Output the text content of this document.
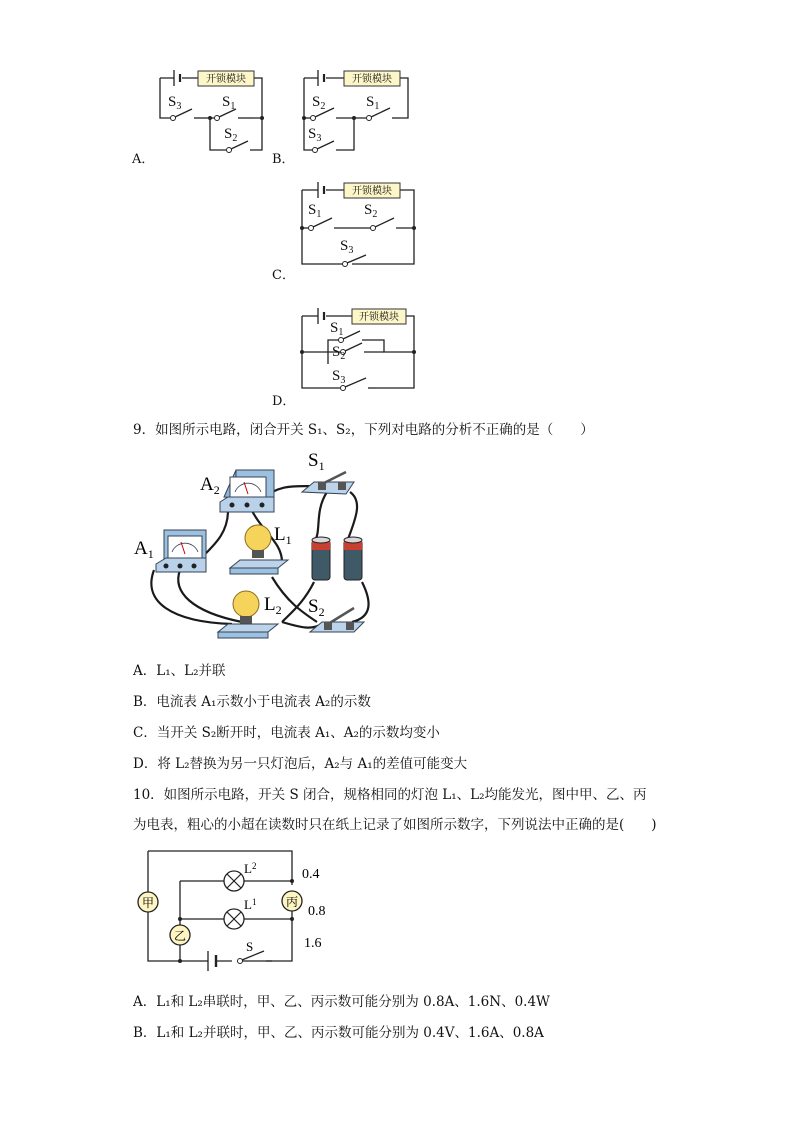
开锁模块
$S_3$	$S_1$
$S_2$
A．
开锁模块
$S_2$	$S_1$
$S_3$
B．
开锁模块
$S_1$	$S_2$
$S_3$
C．
开锁模块
$S_1$
$S_2$
$S_3$
D．
9．如图所示电路，闭合开关 S₁、S₂，下列对电路的分析不正确的是（　　）
$A_2$
$A_1$
$S_1$
$S_2$
$L_1$
$L_2$
A．L₁、L₂并联
B．电流表 A₁示数小于电流表 A₂的示数
C．当开关 S₂断开时，电流表 A₁、A₂的示数均变小
D．将 L₂替换为另一只灯泡后，A₂与 A₁的差值可能变大
10．如图所示电路，开关 S 闭合，规格相同的灯泡 L₁、L₂均能发光，图中甲、乙、丙
为电表，粗心的小超在读数时只在纸上记录了如图所示数字，下列说法中正确的是(　　)
甲
乙
丙
$L^2$
$L^1$
S
0.4
0.8
1.6
A．L₁和 L₂串联时，甲、乙、丙示数可能分别为 0.8A、1.6N、0.4W
B．L₁和 L₂并联时，甲、乙、丙示数可能分别为 0.4V、1.6A、0.8A
